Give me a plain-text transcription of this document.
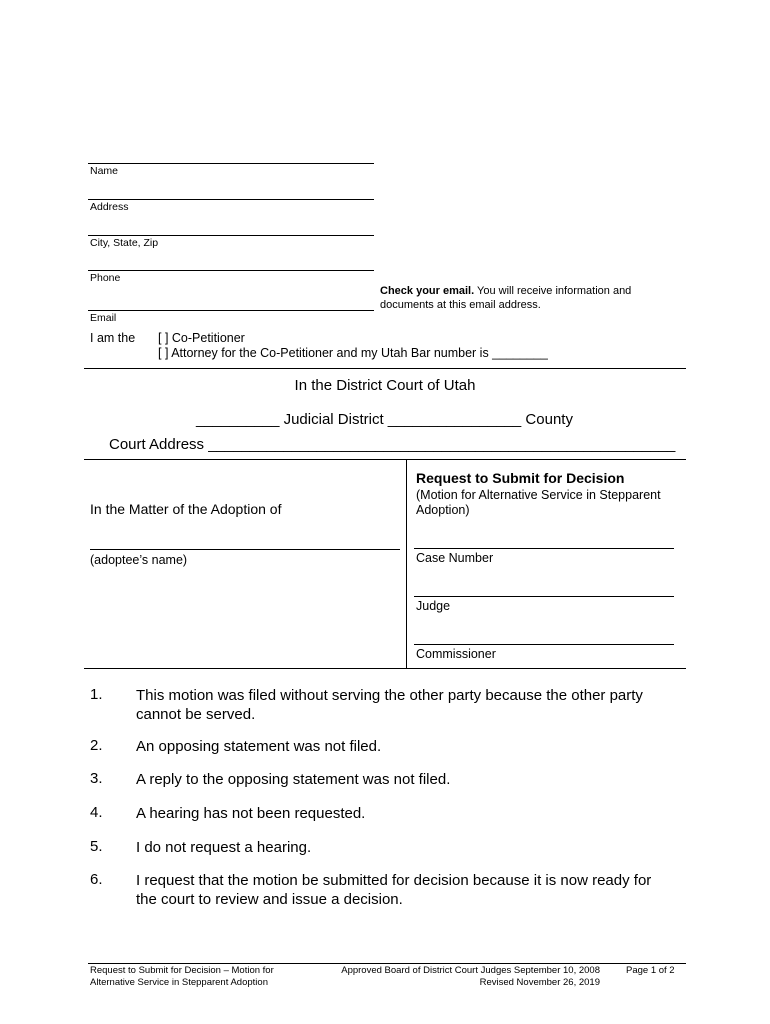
Name
Address
City, State, Zip
Phone
Email
Check your email. You will receive information and
documents at this email address.
I am the [ ] Co-Petitioner
[ ] Attorney for the Co-Petitioner and my Utah Bar number is ________
In the District Court of Utah
__________ Judicial District ________________ County
Court Address ________________________________________________________
In the Matter of the Adoption of
(adoptee’s name)
Request to Submit for Decision
(Motion for Alternative Service in Stepparent Adoption)
Case Number
Judge
Commissioner
1. This motion was filed without serving the other party because the other party cannot be served.
2. An opposing statement was not filed.
3. A reply to the opposing statement was not filed.
4. A hearing has not been requested.
5. I do not request a hearing.
6. I request that the motion be submitted for decision because it is now ready for the court to review and issue a decision.
Request to Submit for Decision – Motion for
Alternative Service in Stepparent Adoption
Approved Board of District Court Judges September 10, 2008
Revised November 26, 2019
Page 1 of 2
